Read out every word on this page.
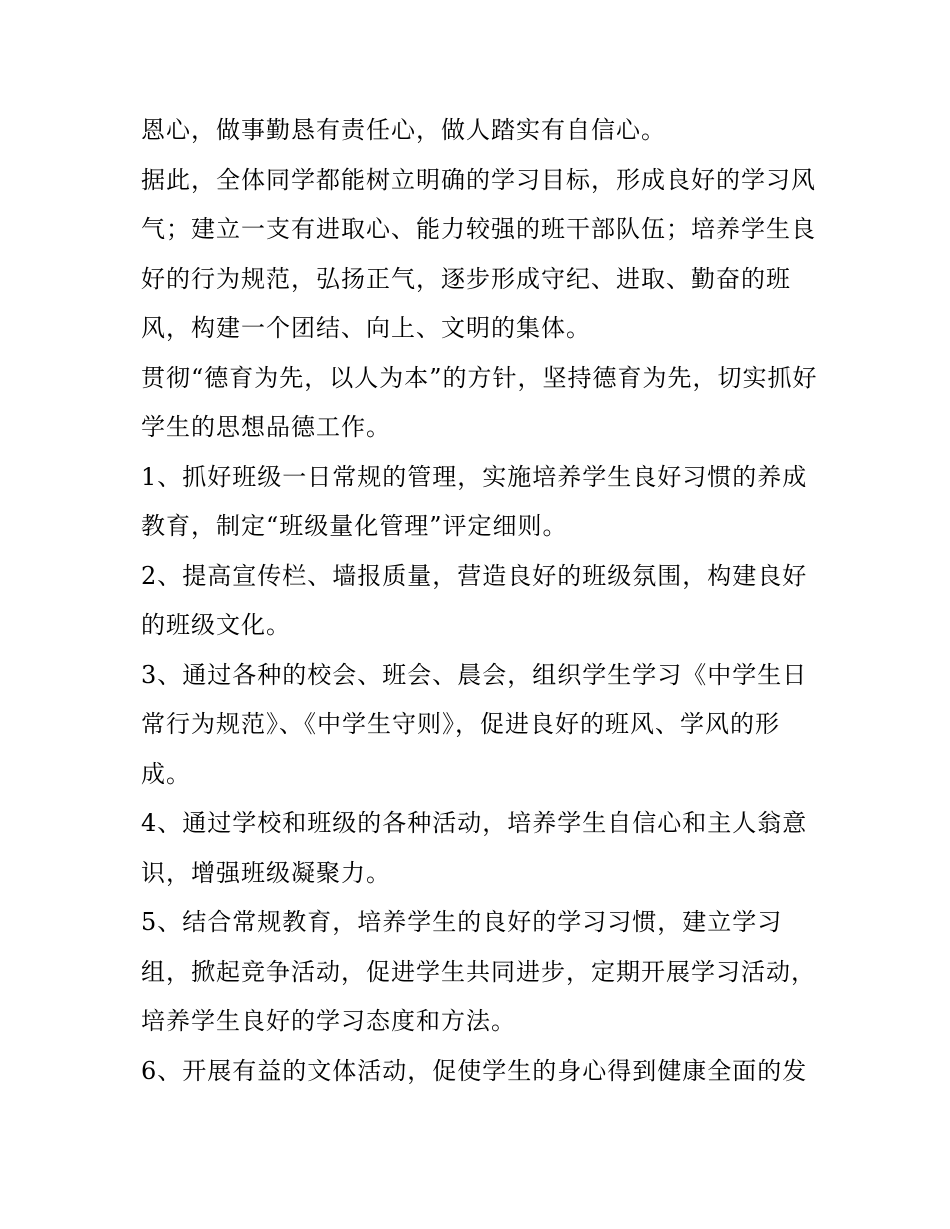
恩心，做事勤恳有责任心，做人踏实有自信心。

据此，全体同学都能树立明确的学习目标，形成良好的学习风
气；建立一支有进取心、能力较强的班干部队伍；培养学生良
好的行为规范，弘扬正气，逐步形成守纪、进取、勤奋的班
风，构建一个团结、向上、文明的集体。

贯彻“德育为先，以人为本”的方针，坚持德育为先，切实抓好
学生的思想品德工作。

1、抓好班级一日常规的管理，实施培养学生良好习惯的养成
教育，制定“班级量化管理”评定细则。

2、提高宣传栏、墙报质量，营造良好的班级氛围，构建良好
的班级文化。

3、通过各种的校会、班会、晨会，组织学生学习《中学生日
常行为规范》、《中学生守则》，促进良好的班风、学风的形
成。

4、通过学校和班级的各种活动，培养学生自信心和主人翁意
识，增强班级凝聚力。

5、结合常规教育，培养学生的良好的学习习惯，建立学习
组，掀起竞争活动，促进学生共同进步，定期开展学习活动，
培养学生良好的学习态度和方法。

6、开展有益的文体活动，促使学生的身心得到健康全面的发
